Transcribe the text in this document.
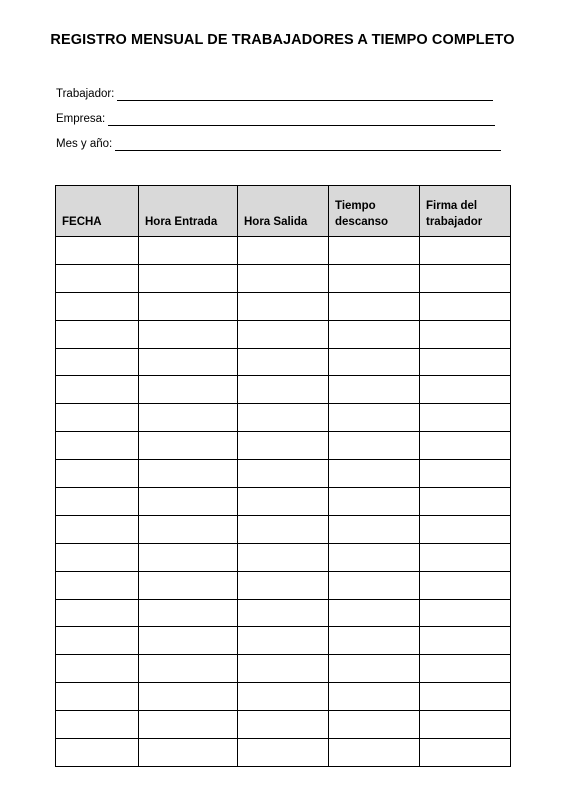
REGISTRO MENSUAL DE TRABAJADORES A TIEMPO COMPLETO
Trabajador:
Empresa:
Mes y año:
FECHA	Hora Entrada	Hora Salida	Tiempo descanso	Firma del trabajador
